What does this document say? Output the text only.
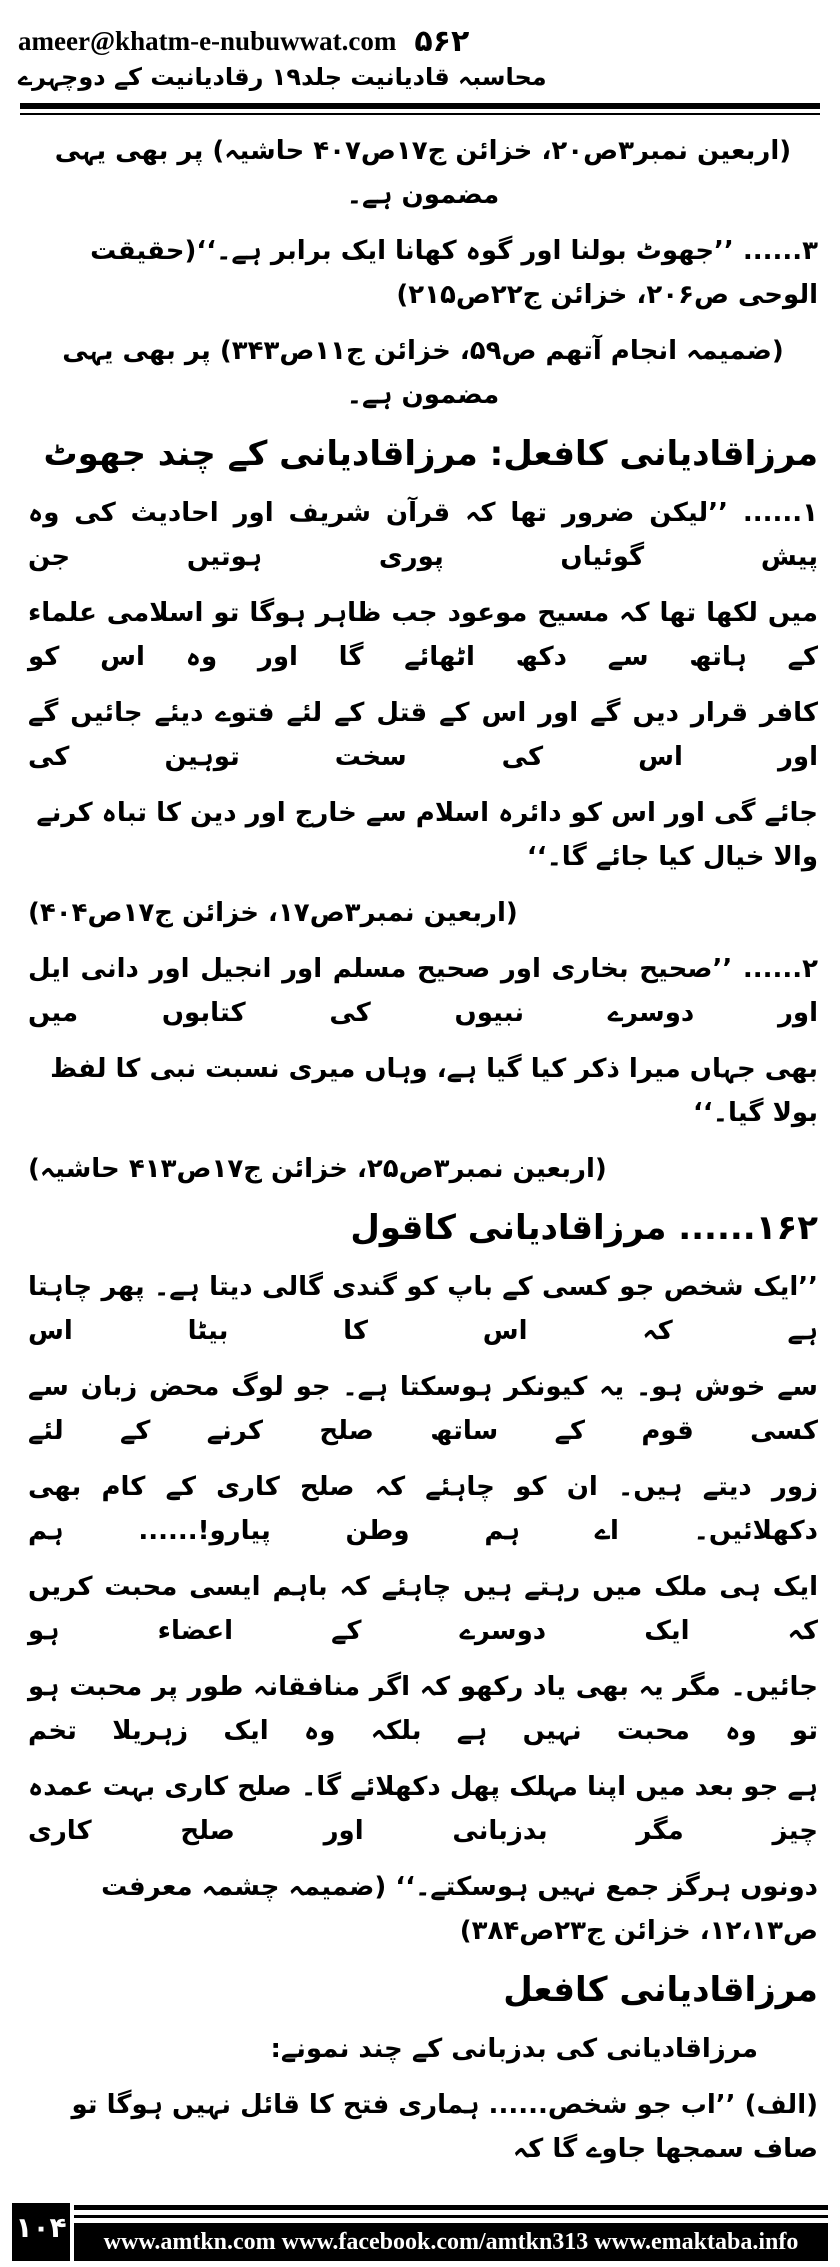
ameer@khatm-e-nubuwwat.com ۵۶۲
محاسبہ قادیانیت جلد۱۹ رقادیانیت کے دوچہرے
(اربعین نمبر۳ص۲۰، خزائن ج۱۷ص۴۰۷ حاشیہ) پر بھی یہی مضمون ہے۔
۳...... ’’جھوٹ بولنا اور گوہ کھانا ایک برابر ہے۔‘‘(حقیقت الوحی ص۲۰۶، خزائن ج۲۲ص۲۱۵)
(ضمیمہ انجام آتھم ص۵۹، خزائن ج۱۱ص۳۴۳) پر بھی یہی مضمون ہے۔
مرزاقادیانی کافعل: مرزاقادیانی کے چند جھوٹ
۱...... ’’لیکن ضرور تھا کہ قرآن شریف اور احادیث کی وہ پیش گوئیاں پوری ہوتیں جن
میں لکھا تھا کہ مسیح موعود جب ظاہر ہوگا تو اسلامی علماء کے ہاتھ سے دکھ اٹھائے گا اور وہ اس کو
کافر قرار دیں گے اور اس کے قتل کے لئے فتوے دیئے جائیں گے اور اس کی سخت توہین کی
جائے گی اور اس کو دائرہ اسلام سے خارج اور دین کا تباہ کرنے والا خیال کیا جائے گا۔‘‘
(اربعین نمبر۳ص۱۷، خزائن ج۱۷ص۴۰۴)
۲...... ’’صحیح بخاری اور صحیح مسلم اور انجیل اور دانی ایل اور دوسرے نبیوں کی کتابوں میں
بھی جہاں میرا ذکر کیا گیا ہے، وہاں میری نسبت نبی کا لفظ بولا گیا۔‘‘
(اربعین نمبر۳ص۲۵، خزائن ج۱۷ص۴۱۳ حاشیہ)
۱۶۲...... مرزاقادیانی کاقول
’’ایک شخص جو کسی کے باپ کو گندی گالی دیتا ہے۔ پھر چاہتا ہے کہ اس کا بیٹا اس
سے خوش ہو۔ یہ کیونکر ہوسکتا ہے۔ جو لوگ محض زبان سے کسی قوم کے ساتھ صلح کرنے کے لئے
زور دیتے ہیں۔ ان کو چاہئے کہ صلح کاری کے کام بھی دکھلائیں۔ اے ہم وطن پیارو!...... ہم
ایک ہی ملک میں رہتے ہیں چاہئے کہ باہم ایسی محبت کریں کہ ایک دوسرے کے اعضاء ہو
جائیں۔ مگر یہ بھی یاد رکھو کہ اگر منافقانہ طور پر محبت ہو تو وہ محبت نہیں ہے بلکہ وہ ایک زہریلا تخم
ہے جو بعد میں اپنا مہلک پھل دکھلائے گا۔ صلح کاری بہت عمدہ چیز مگر بدزبانی اور صلح کاری
دونوں ہرگز جمع نہیں ہوسکتے۔‘‘ (ضمیمہ چشمہ معرفت ص۱۲،۱۳، خزائن ج۲۳ص۳۸۴)
مرزاقادیانی کافعل
مرزاقادیانی کی بدزبانی کے چند نمونے:
(الف) ’’اب جو شخص...... ہماری فتح کا قائل نہیں ہوگا تو صاف سمجھا جاوے گا کہ
۱۰۴	www.amtkn.com www.facebook.com/amtkn313 www.emaktaba.info
